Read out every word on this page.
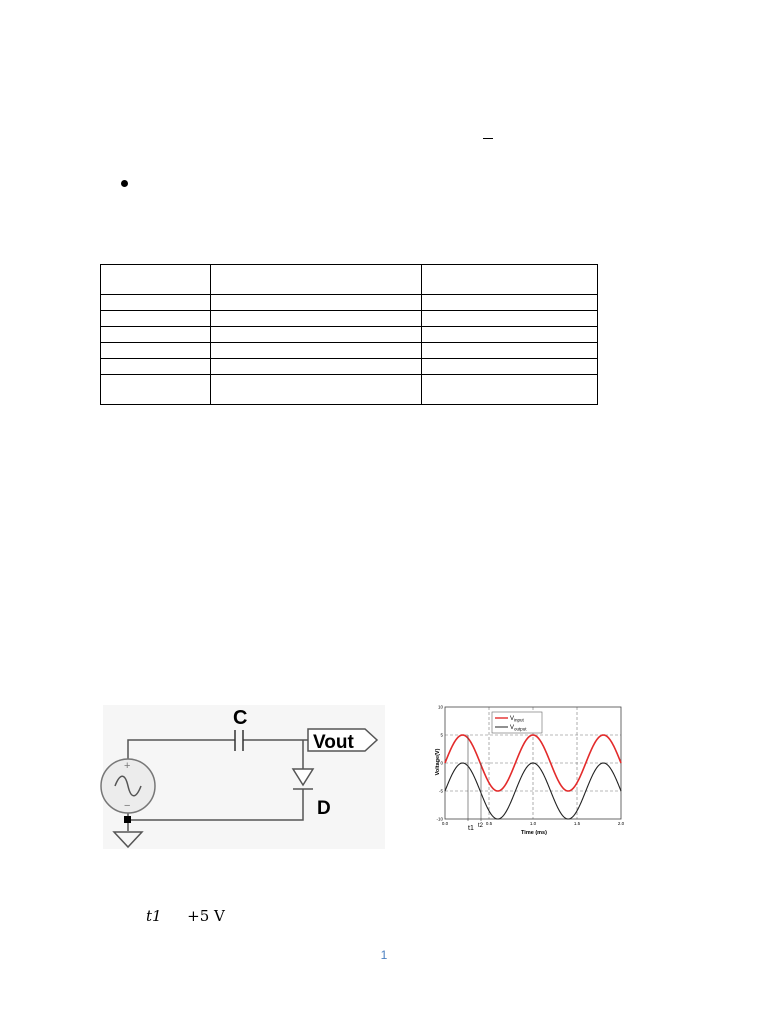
C
+
−	D
Vout
10
5
0
-5
-10
0.0	0.5	1.0	1.5	2.0
$V_{input}$
$V_{output}$
Voltage(V)
Time (ms)
t1 t2
t1 +5 V
1
